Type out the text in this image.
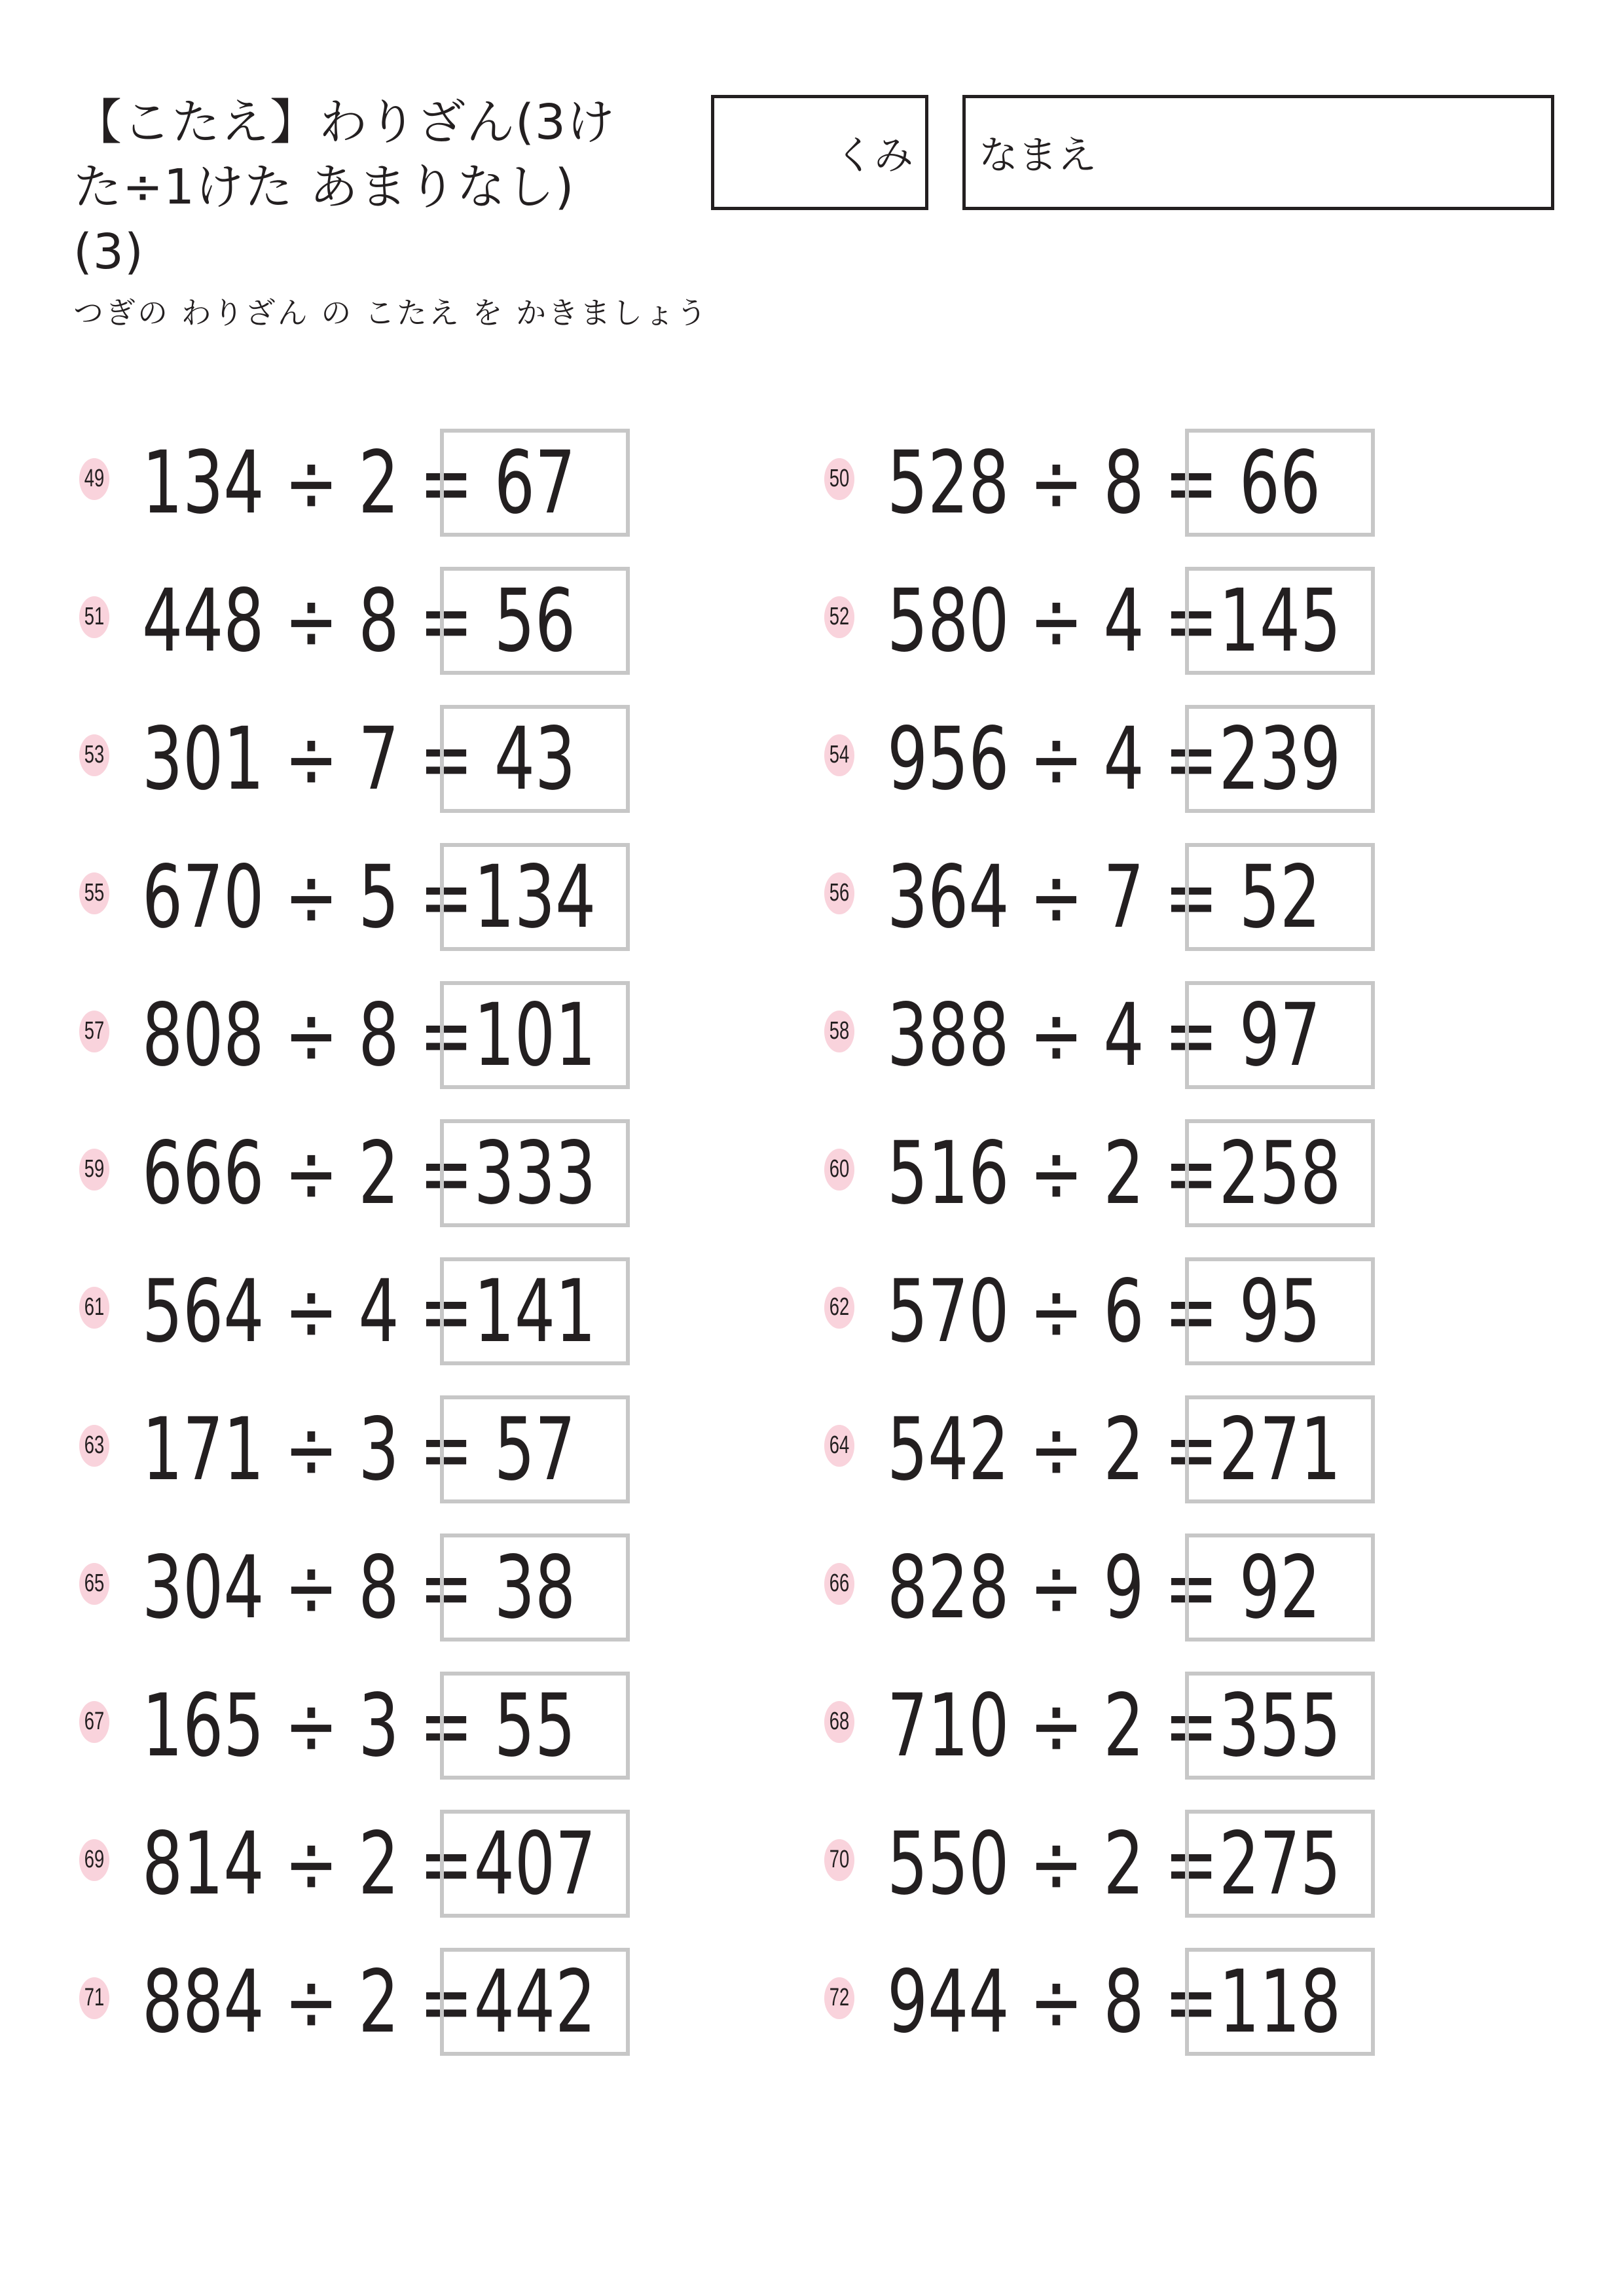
【こたえ】わりざん(3け
た÷1けた あまりなし)
(3)
つぎの わりざん の こたえ を かきましょう
くみ なまえ
49 134 ÷ 2 = 67	50 528 ÷ 8 = 66
51 448 ÷ 8 = 56	52 580 ÷ 4 = 145
53 301 ÷ 7 = 43	54 956 ÷ 4 = 239
55 670 ÷ 5 = 134	56 364 ÷ 7 = 52
57 808 ÷ 8 = 101	58 388 ÷ 4 = 97
59 666 ÷ 2 = 333	60 516 ÷ 2 = 258
61 564 ÷ 4 = 141	62 570 ÷ 6 = 95
63 171 ÷ 3 = 57	64 542 ÷ 2 = 271
65 304 ÷ 8 = 38	66 828 ÷ 9 = 92
67 165 ÷ 3 = 55	68 710 ÷ 2 = 355
69 814 ÷ 2 = 407	70 550 ÷ 2 = 275
71 884 ÷ 2 = 442	72 944 ÷ 8 = 118
